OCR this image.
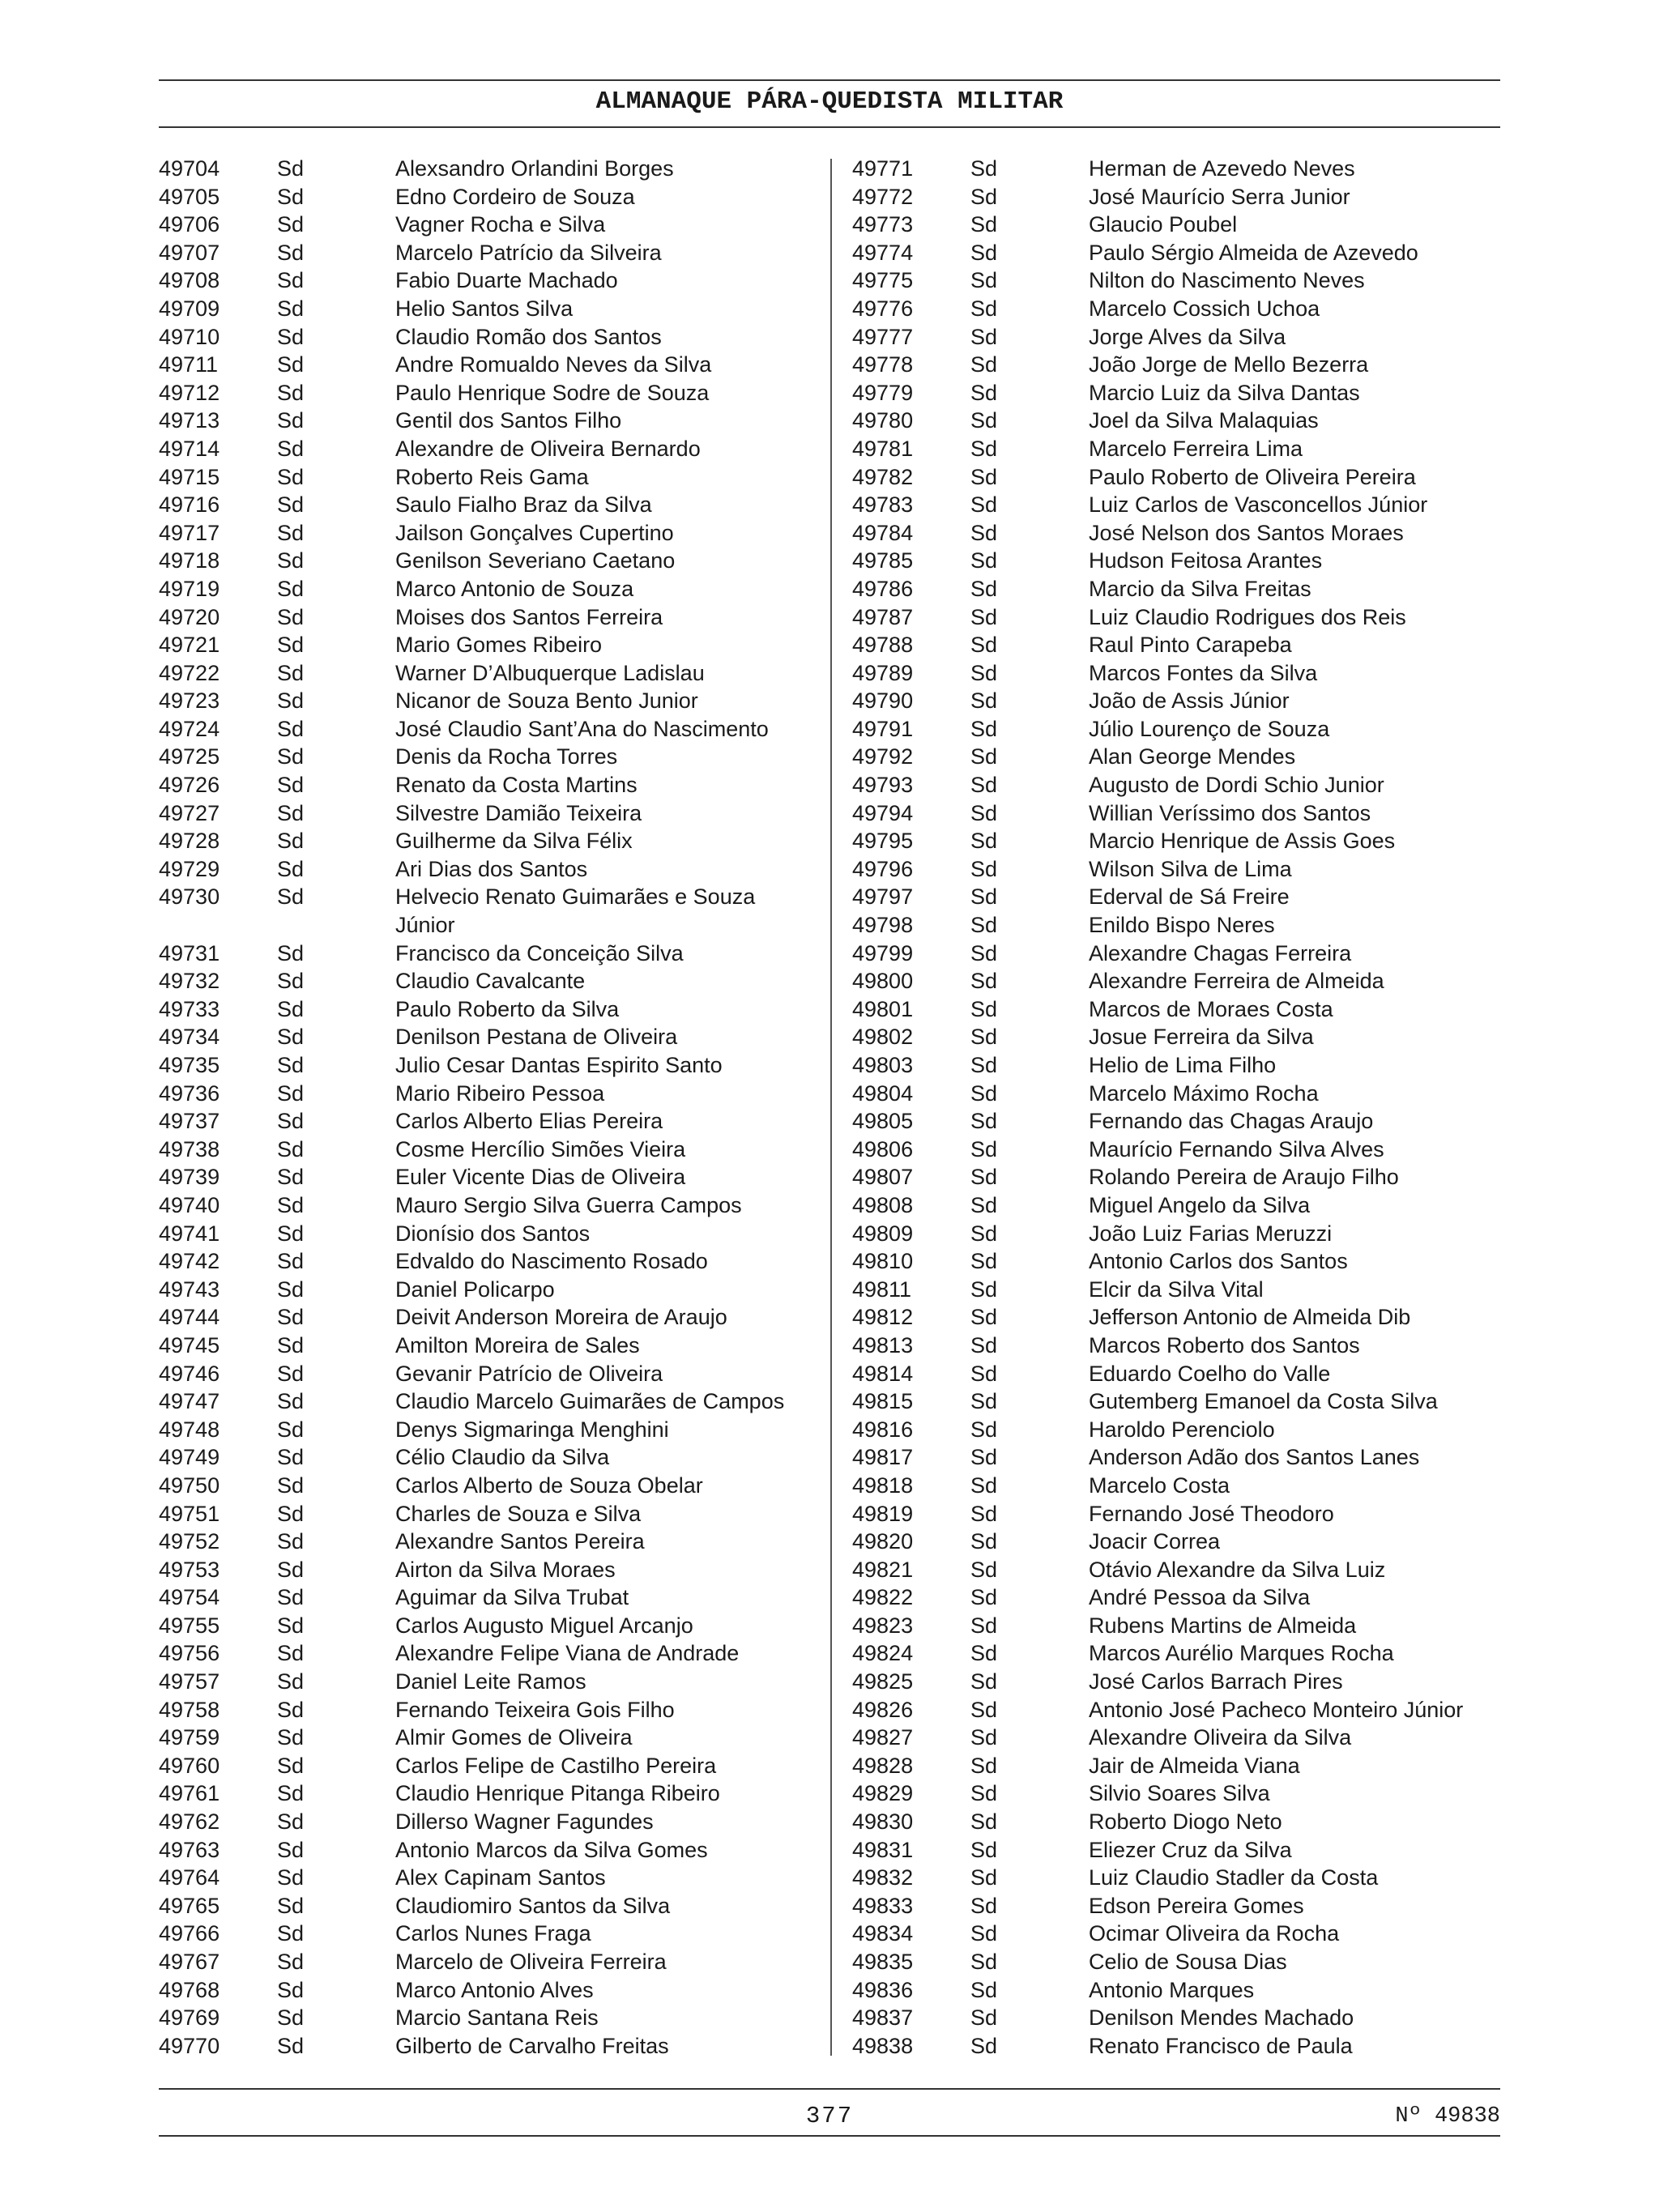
ALMANAQUE PÁRA-QUEDISTA MILITAR
49704	Sd	Alexsandro Orlandini Borges
49705	Sd	Edno Cordeiro de Souza
49706	Sd	Vagner Rocha e Silva
49707	Sd	Marcelo Patrício da Silveira
49708	Sd	Fabio Duarte Machado
49709	Sd	Helio Santos Silva
49710	Sd	Claudio Romão dos Santos
49711	Sd	Andre Romualdo Neves da Silva
49712	Sd	Paulo Henrique Sodre de Souza
49713	Sd	Gentil dos Santos Filho
49714	Sd	Alexandre de Oliveira Bernardo
49715	Sd	Roberto Reis Gama
49716	Sd	Saulo Fialho Braz da Silva
49717	Sd	Jailson Gonçalves Cupertino
49718	Sd	Genilson Severiano Caetano
49719	Sd	Marco Antonio de Souza
49720	Sd	Moises dos Santos Ferreira
49721	Sd	Mario Gomes Ribeiro
49722	Sd	Warner D’Albuquerque Ladislau
49723	Sd	Nicanor de Souza Bento Junior
49724	Sd	José Claudio Sant’Ana do Nascimento
49725	Sd	Denis da Rocha Torres
49726	Sd	Renato da Costa Martins
49727	Sd	Silvestre Damião Teixeira
49728	Sd	Guilherme da Silva Félix
49729	Sd	Ari Dias dos Santos
49730	Sd	Helvecio Renato Guimarães e Souza Júnior
49731	Sd	Francisco da Conceição Silva
49732	Sd	Claudio Cavalcante
49733	Sd	Paulo Roberto da Silva
49734	Sd	Denilson Pestana de Oliveira
49735	Sd	Julio Cesar Dantas Espirito Santo
49736	Sd	Mario Ribeiro Pessoa
49737	Sd	Carlos Alberto Elias Pereira
49738	Sd	Cosme Hercílio Simões Vieira
49739	Sd	Euler Vicente Dias de Oliveira
49740	Sd	Mauro Sergio Silva Guerra Campos
49741	Sd	Dionísio dos Santos
49742	Sd	Edvaldo do Nascimento Rosado
49743	Sd	Daniel Policarpo
49744	Sd	Deivit Anderson Moreira de Araujo
49745	Sd	Amilton Moreira de Sales
49746	Sd	Gevanir Patrício de Oliveira
49747	Sd	Claudio Marcelo Guimarães de Campos
49748	Sd	Denys Sigmaringa Menghini
49749	Sd	Célio Claudio da Silva
49750	Sd	Carlos Alberto de Souza Obelar
49751	Sd	Charles de Souza e Silva
49752	Sd	Alexandre Santos Pereira
49753	Sd	Airton da Silva Moraes
49754	Sd	Aguimar da Silva Trubat
49755	Sd	Carlos Augusto Miguel Arcanjo
49756	Sd	Alexandre Felipe Viana de Andrade
49757	Sd	Daniel Leite Ramos
49758	Sd	Fernando Teixeira Gois Filho
49759	Sd	Almir Gomes de Oliveira
49760	Sd	Carlos Felipe de Castilho Pereira
49761	Sd	Claudio Henrique Pitanga Ribeiro
49762	Sd	Dillerso Wagner Fagundes
49763	Sd	Antonio Marcos da Silva Gomes
49764	Sd	Alex Capinam Santos
49765	Sd	Claudiomiro Santos da Silva
49766	Sd	Carlos Nunes Fraga
49767	Sd	Marcelo de Oliveira Ferreira
49768	Sd	Marco Antonio Alves
49769	Sd	Marcio Santana Reis
49770	Sd	Gilberto de Carvalho Freitas
49771	Sd	Herman de Azevedo Neves
49772	Sd	José Maurício Serra Junior
49773	Sd	Glaucio Poubel
49774	Sd	Paulo Sérgio Almeida de Azevedo
49775	Sd	Nilton do Nascimento Neves
49776	Sd	Marcelo Cossich Uchoa
49777	Sd	Jorge Alves da Silva
49778	Sd	João Jorge de Mello Bezerra
49779	Sd	Marcio Luiz da Silva Dantas
49780	Sd	Joel da Silva Malaquias
49781	Sd	Marcelo Ferreira Lima
49782	Sd	Paulo Roberto de Oliveira Pereira
49783	Sd	Luiz Carlos de Vasconcellos Júnior
49784	Sd	José Nelson dos Santos Moraes
49785	Sd	Hudson Feitosa Arantes
49786	Sd	Marcio da Silva Freitas
49787	Sd	Luiz Claudio Rodrigues dos Reis
49788	Sd	Raul Pinto Carapeba
49789	Sd	Marcos Fontes da Silva
49790	Sd	João de Assis Júnior
49791	Sd	Júlio Lourenço de Souza
49792	Sd	Alan George Mendes
49793	Sd	Augusto de Dordi Schio Junior
49794	Sd	Willian Veríssimo dos Santos
49795	Sd	Marcio Henrique de Assis Goes
49796	Sd	Wilson Silva de Lima
49797	Sd	Ederval de Sá Freire
49798	Sd	Enildo Bispo Neres
49799	Sd	Alexandre Chagas Ferreira
49800	Sd	Alexandre Ferreira de Almeida
49801	Sd	Marcos de Moraes Costa
49802	Sd	Josue Ferreira da Silva
49803	Sd	Helio de Lima Filho
49804	Sd	Marcelo Máximo Rocha
49805	Sd	Fernando das Chagas Araujo
49806	Sd	Maurício Fernando Silva Alves
49807	Sd	Rolando Pereira de Araujo Filho
49808	Sd	Miguel Angelo da Silva
49809	Sd	João Luiz Farias Meruzzi
49810	Sd	Antonio Carlos dos Santos
49811	Sd	Elcir da Silva Vital
49812	Sd	Jefferson Antonio de Almeida Dib
49813	Sd	Marcos Roberto dos Santos
49814	Sd	Eduardo Coelho do Valle
49815	Sd	Gutemberg Emanoel da Costa Silva
49816	Sd	Haroldo Perenciolo
49817	Sd	Anderson Adão dos Santos Lanes
49818	Sd	Marcelo Costa
49819	Sd	Fernando José Theodoro
49820	Sd	Joacir Correa
49821	Sd	Otávio Alexandre da Silva Luiz
49822	Sd	André Pessoa da Silva
49823	Sd	Rubens Martins de Almeida
49824	Sd	Marcos Aurélio Marques Rocha
49825	Sd	José Carlos Barrach Pires
49826	Sd	Antonio José Pacheco Monteiro Júnior
49827	Sd	Alexandre Oliveira da Silva
49828	Sd	Jair de Almeida Viana
49829	Sd	Silvio Soares Silva
49830	Sd	Roberto Diogo Neto
49831	Sd	Eliezer Cruz da Silva
49832	Sd	Luiz Claudio Stadler da Costa
49833	Sd	Edson Pereira Gomes
49834	Sd	Ocimar Oliveira da Rocha
49835	Sd	Celio de Sousa Dias
49836	Sd	Antonio Marques
49837	Sd	Denilson Mendes Machado
49838	Sd	Renato Francisco de Paula
377	Nº 49838
